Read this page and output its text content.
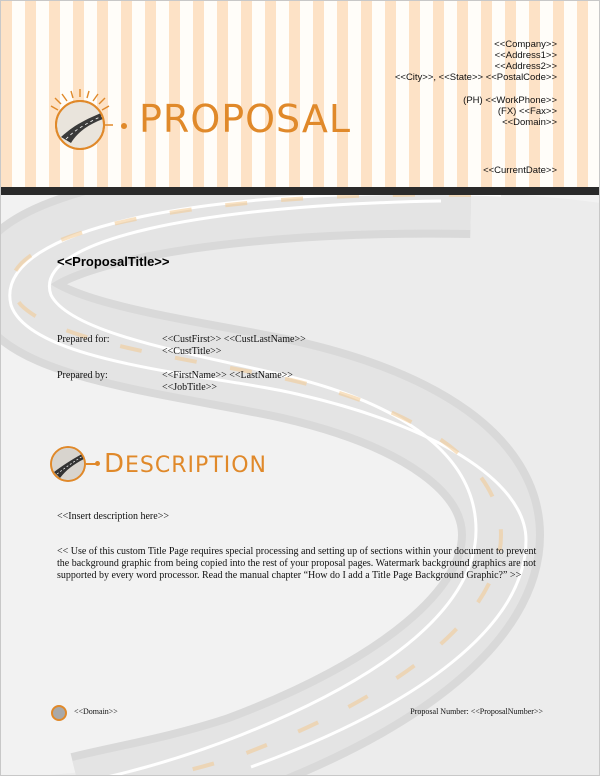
PROPOSAL
<<Company>>
<<Address1>>
<<Address2>>
<<City>>, <<State>> <<PostalCode>>
(PH) <<WorkPhone>>
(FX) <<Fax>>
<<Domain>>
<<CurrentDate>>
<<ProposalTitle>>
Prepared for:	<<CustFirst>> <<CustLastName>>
<<CustTitle>>
Prepared by:	<<FirstName>> <<LastName>>
<<JobTitle>>
DESCRIPTION
<<Insert description here>>
<< Use of this custom Title Page requires special processing and setting up of sections within your document to prevent the background graphic from being copied into the rest of your proposal pages. Watermark background graphics are not supported by every word processor. Read the manual chapter “How do I add a Title Page Background Graphic?” >>
<<Domain>>	Proposal Number: <<ProposalNumber>>
